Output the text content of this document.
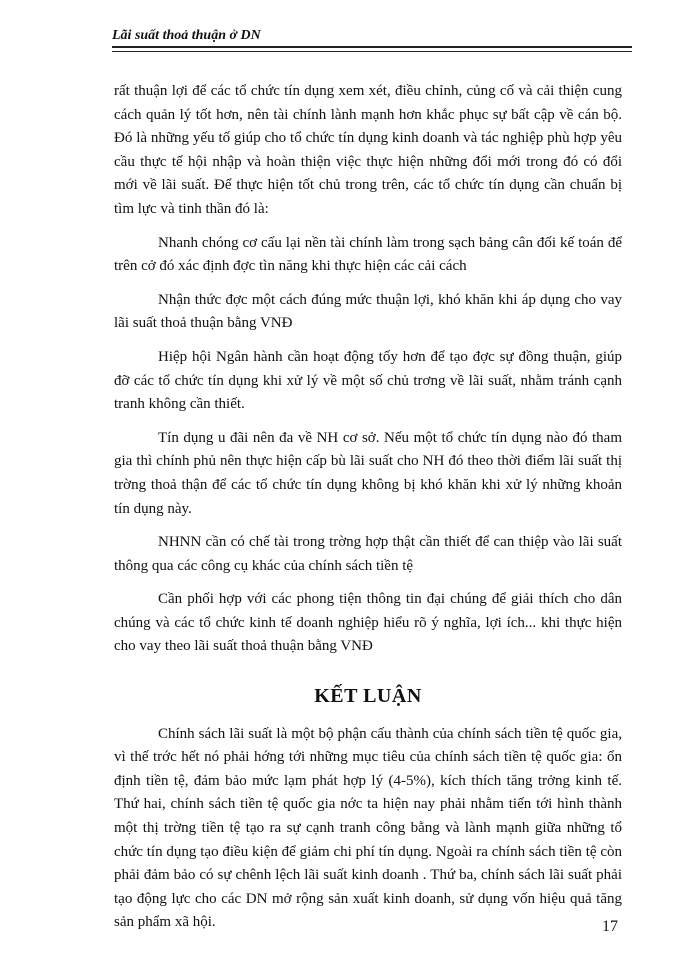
Lãi suất thoả thuận ở DN

rất thuận lợi để các tổ chức tín dụng xem xét, điều chỉnh, củng cố và cải thiện cung cách quản lý tốt hơn, nên tài chính lành mạnh hơn khắc phục sự bất cập về cán bộ. Đó là những yếu tố giúp cho tổ chức tín dụng kinh doanh và tác nghiệp phù hợp yêu cầu thực tế hội nhập và hoàn thiện việc thực hiện những đổi mới trong đó có đổi mới về lãi suất. Để thực hiện tốt chủ trong trên, các tổ chức tín dụng cần chuẩn bị tìm lực và tinh thần đó là:

Nhanh chóng cơ cấu lại nền tài chính làm trong sạch bảng cân đối kế toán để trên cở đó xác định đợc tìn năng khi thực hiện các cải cách

Nhận thức đợc một cách đúng mức thuận lợi, khó khăn khi áp dụng cho vay lãi suất thoả thuận bằng VNĐ

Hiệp hội Ngân hành cần hoạt động tốy hơn để tạo đợc sự đồng thuận, giúp đỡ các tổ chức tín dụng khi xử lý về một số chủ trơng về lãi suất, nhằm tránh cạnh tranh không cần thiết.

Tín dụng u đãi nên đa về NH cơ sở. Nếu một tổ chức tín dụng nào đó tham gia thì chính phủ nên thực hiện cấp bù lãi suất cho NH đó theo thời điểm lãi suất thị trờng thoả thận để các tổ chức tín dụng không bị khó khăn khi xử lý những khoản tín dụng này.

NHNN cần có chế tài trong trờng hợp thật cần thiết để can thiệp vào lãi suất thông qua các công cụ khác của chính sách tiền tệ

Cần phối hợp với các phong tiện thông tin đại chúng để giải thích cho dân chúng và các tổ chức kinh tế doanh nghiệp hiểu rõ ý nghĩa, lợi ích... khi thực hiện cho vay theo lãi suất thoả thuận bằng VNĐ

KẾT LUẬN

Chính sách lãi suất là một bộ phận cấu thành của chính sách tiền tệ quốc gia, vì thế trớc hết nó phải hớng tới những mục tiêu của chính sách tiền tệ quốc gia: ổn định tiền tệ, đảm bảo mức lạm phát hợp lý (4-5%), kích thích tăng trởng kinh tế. Thứ hai, chính sách tiền tệ quốc gia nớc ta hiện nay phải nhằm tiến tới hình thành một thị trờng tiền tệ tạo ra sự cạnh tranh công bằng và lành mạnh giữa những tổ chức tín dụng tạo điều kiện để giảm chi phí tín dụng. Ngoài ra chính sách tiền tệ còn phải đảm bảo có sự chênh lệch lãi suất kinh doanh . Thứ ba, chính sách lãi suất phải tạo động lực cho các DN mở rộng sản xuất kinh doanh, sử dụng vốn hiệu quả tăng sản phẩm xã hội.	17
